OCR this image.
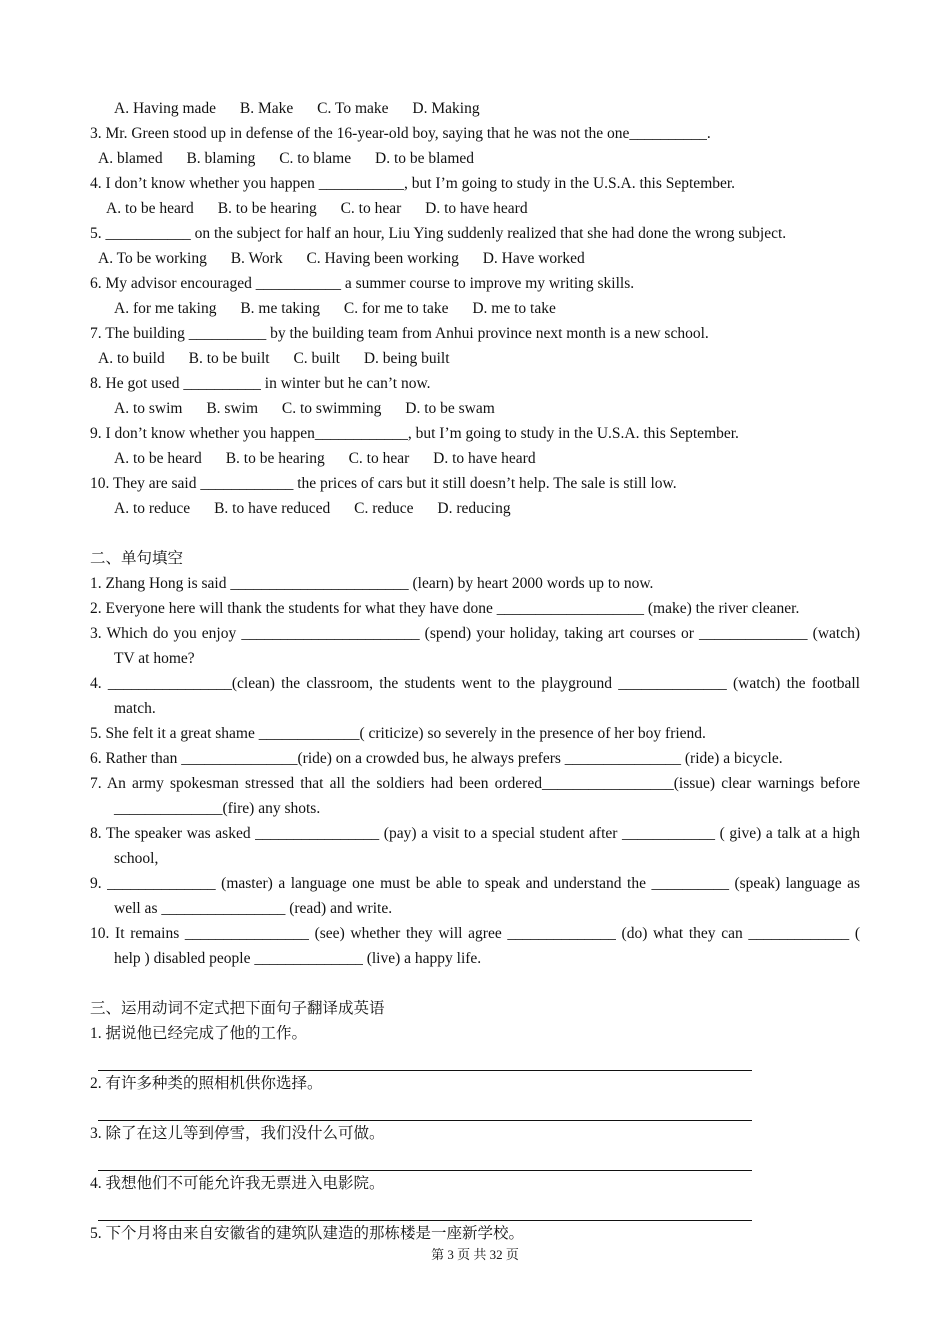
A. Having made B. Make C. To make D. Making
3. Mr. Green stood up in defense of the 16-year-old boy, saying that he was not the one__________.
A. blamed B. blaming C. to blame D. to be blamed
4. I don’t know whether you happen ___________, but I’m going to study in the U.S.A. this September.
A. to be heard B. to be hearing C. to hear D. to have heard
5. ___________ on the subject for half an hour, Liu Ying suddenly realized that she had done the wrong subject.
A. To be working B. Work C. Having been working D. Have worked
6. My advisor encouraged ___________ a summer course to improve my writing skills.
A. for me taking B. me taking C. for me to take D. me to take
7. The building __________ by the building team from Anhui province next month is a new school.
A. to build B. to be built C. built D. being built
8. He got used __________ in winter but he can’t now.
A. to swim B. swim C. to swimming D. to be swam
9. I don’t know whether you happen____________, but I’m going to study in the U.S.A. this September.
A. to be heard B. to be hearing C. to hear D. to have heard
10. They are said ____________ the prices of cars but it still doesn’t help. The sale is still low.
A. to reduce B. to have reduced C. reduce D. reducing
二、单句填空
1. Zhang Hong is said _______________________ (learn) by heart 2000 words up to now.
2. Everyone here will thank the students for what they have done ___________________ (make) the river cleaner.
3. Which do you enjoy _______________________ (spend) your holiday, taking art courses or ______________ (watch) TV at home?
4. ________________(clean) the classroom, the students went to the playground ______________ (watch) the football match.
5. She felt it a great shame _____________( criticize) so severely in the presence of her boy friend.
6. Rather than _______________(ride) on a crowded bus, he always prefers _______________ (ride) a bicycle.
7. An army spokesman stressed that all the soldiers had been ordered_________________(issue) clear warnings before ______________(fire) any shots.
8. The speaker was asked ________________ (pay) a visit to a special student after ____________ ( give) a talk at a high school,
9. ______________ (master) a language one must be able to speak and understand the __________ (speak) language as well as ________________ (read) and write.
10. It remains ________________ (see) whether they will agree ______________ (do) what they can _____________ ( help ) disabled people ______________ (live) a happy life.
三、运用动词不定式把下面句子翻译成英语
1. 据说他已经完成了他的工作。
2. 有许多种类的照相机供你选择。
3. 除了在这儿等到停雪，我们没什么可做。
4. 我想他们不可能允许我无票进入电影院。
5. 下个月将由来自安徽省的建筑队建造的那栋楼是一座新学校。
第 3 页 共 32 页
